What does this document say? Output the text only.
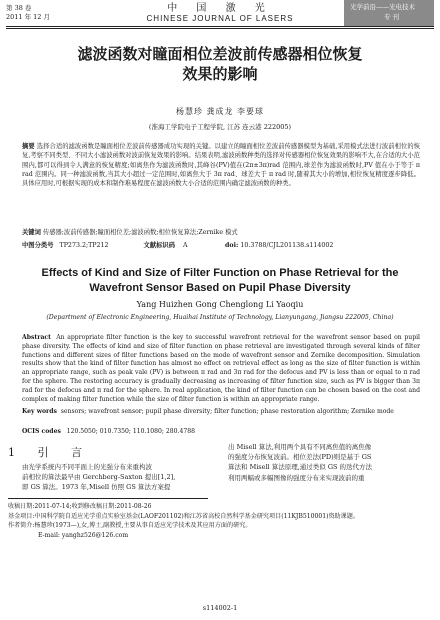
第 38 卷
2011 年 12 月
中 国 激 光
CHINESE JOURNAL OF LASERS
光学前沿——光电技术
专 刊
滤波函数对瞳面相位差波前传感器相位恢复
效果的影响
杨慧珍 龚成龙 李要球
(淮海工学院电子工程学院, 江苏 连云港 222005)
摘要 选择合适的滤波函数是瞳面相位差波前传感器成功实现的关键。以建立的瞳面相位差波前传感器模型为基础,采用模式法进行波前相位的恢复,考察不同类型、不同大小滤波函数对波前恢复效果的影响。结果表明,滤波函数种类的选择对传感器相位恢复效果的影响不大,在合适的大小范围内,都可以得到令人满意的恢复精度;如离焦作为滤波函数时,其峰谷(PV)值在(2π±3π)rad 范围内,球差作为滤波函数时,PV 值在小于等于 π rad 范围内。同一种滤波函数,当其大小超过一定范围时,如离焦大于 3π rad、球差大于 π rad 时,随着其大小的增加,相位恢复精度逐步降低。具体应用时,可根据实现的成本和制作难易程度在滤波函数大小合适的范围内确定滤波函数的种类。
关键词 传感器;波前传感器;瞳面相位差;滤波函数;相位恢复算法;Zernike 模式
中图分类号 TP273.2;TP212	文献标识码 A	doi: 10.3788/CJL201138.s114002
Effects of Kind and Size of Filter Function on Phase Retrieval for the
Wavefront Sensor Based on Pupil Phase Diversity
Yang Huizhen Gong Chenglong Li Yaoqiu
(Department of Electronic Engineering, Huaihai Institute of Technology, Lianyungang, Jiangsu 222005, China)
Abstract An appropriate filter function is the key to successful wavefront retrieval for the wavefront sensor based on pupil phase diversity. The effects of kind and size of filter function on phase retrieval are investigated through several kinds of filter functions and different sizes of filter functions based on the mode of wavefront sensor and Zernike decomposition. Simulation results show that the kind of filter function has almost no effect on retrieval effect as long as the size of filter function is within an appropriate range, such as peak vale (PV) is between π rad and 3π rad for the defocus and PV is less than or equal to π rad for the sphere. The restoring accuracy is gradually decreasing as increasing of filter function size, such as PV is bigger than 3π rad for the defocus and π rad for the sphere. In real application, the kind of filter function can be chosen based on the cost and complex of making filter function while the size of filter function is within an appropriate range.
Key words sensors; wavefront sensor; pupil phase diversity; filter function; phase restoration algorithm; Zernike mode
OCIS codes 120.5050; 010.7350; 110.1080; 280.4788
1 引 言
由光学系统内不同平面上的光强分布来重构波
前相位的算法最早由 Gerchberg-Saxton 提出[1,2],
即 GS 算法。1973 年,Misell 仿照 GS 算法方案提
出 Misell 算法,利用两个具有不同离焦值的离焦像
的强度分布恢复波前。相位差法(PD)则是基于 GS
算法和 Misell 算法原理,通过类似 GS 的迭代方法
利用两幅或多幅图像的强度分布来实现波前的重
收稿日期:2011-07-14;收到修改稿日期:2011-08-26
基金项目:中国科学院自适应光学重点实验室基金(LAOF201102)和江苏省高校自然科学基金研究项目(11KJB510001)资助课题。
作者简介:杨慧珍(1973—),女,博士,副教授,主要从事自适应光学技术及其应用方面的研究。
E-mail: yanghz526@126.com
s114002-1
